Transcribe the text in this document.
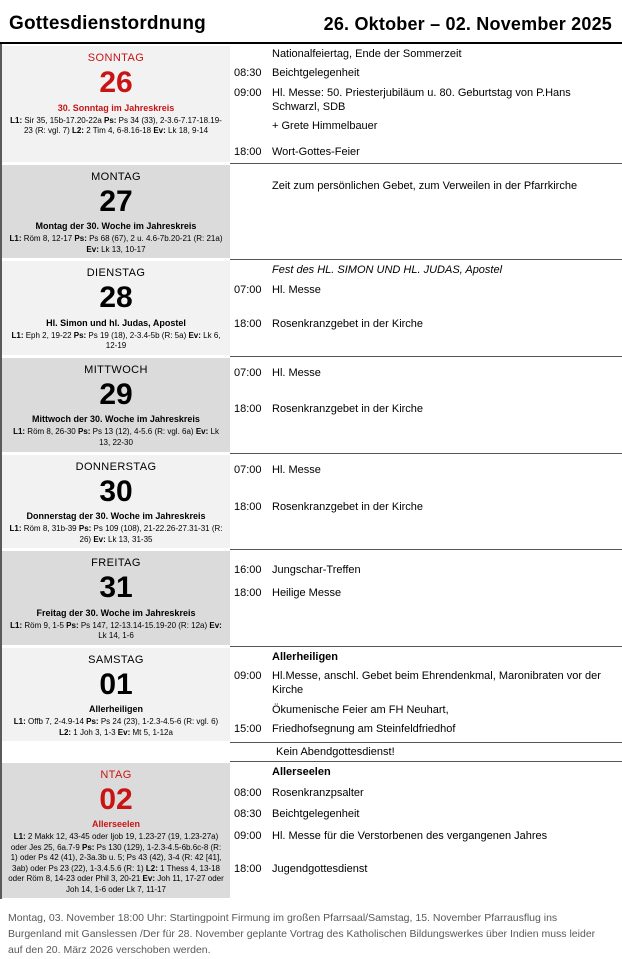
Gottesdienstordnung	26. Oktober – 02. November 2025
SONNTAG
26
30. Sonntag im Jahreskreis
L1: Sir 35, 15b-17.20-22a Ps: Ps 34 (33), 2-3.6-7.17-18.19-23 (R: vgl. 7) L2: 2 Tim 4, 6-8.16-18 Ev: Lk 18, 9-14
Nationalfeiertag, Ende der Sommerzeit
08:30 Beichtgelegenheit
09:00 Hl. Messe: 50. Priesterjubiläum u. 80. Geburtstag von P.Hans Schwarzl, SDB
+ Grete Himmelbauer
18:00 Wort-Gottes-Feier
MONTAG
27
Montag der 30. Woche im Jahreskreis
L1: Röm 8, 12-17 Ps: Ps 68 (67), 2 u. 4.6-7b.20-21 (R: 21a) Ev: Lk 13, 10-17
Zeit zum persönlichen Gebet, zum Verweilen in der Pfarrkirche
DIENSTAG
28
Hl. Simon und hl. Judas, Apostel
L1: Eph 2, 19-22 Ps: Ps 19 (18), 2-3.4-5b (R: 5a) Ev: Lk 6, 12-19
Fest des HL. SIMON UND HL. JUDAS, Apostel
07:00 Hl. Messe
18:00 Rosenkranzgebet in der Kirche
MITTWOCH
29
Mittwoch der 30. Woche im Jahreskreis
L1: Röm 8, 26-30 Ps: Ps 13 (12), 4-5.6 (R: vgl. 6a) Ev: Lk 13, 22-30
07:00 Hl. Messe
18:00 Rosenkranzgebet in der Kirche
DONNERSTAG
30
Donnerstag der 30. Woche im Jahreskreis
L1: Röm 8, 31b-39 Ps: Ps 109 (108), 21-22.26-27.31-31 (R: 26) Ev: Lk 13, 31-35
07:00 Hl. Messe
18:00 Rosenkranzgebet in der Kirche
FREITAG
31
Freitag der 30. Woche im Jahreskreis
L1: Röm 9, 1-5 Ps: Ps 147, 12-13.14-15.19-20 (R: 12a) Ev: Lk 14, 1-6
16:00 Jungschar-Treffen
18:00 Heilige Messe
SAMSTAG
01
Allerheiligen
L1: Offb 7, 2-4.9-14 Ps: Ps 24 (23), 1-2.3-4.5-6 (R: vgl. 6) L2: 1 Joh 3, 1-3 Ev: Mt 5, 1-12a
Allerheiligen
09:00 Hl.Messe, anschl. Gebet beim Ehrendenkmal, Maronibraten vor der Kirche
Ökumenische Feier am FH Neuhart,
15:00 Friedhofsegnung am Steinfeldfriedhof
Kein Abendgottesdienst!
NTAG
02
Allerseelen
L1: 2 Makk 12, 43-45 oder Ijob 19, 1.23-27 (19, 1.23-27a) oder Jes 25, 6a.7-9 Ps: Ps 130 (129), 1-2.3-4.5-6b.6c-8 (R: 1) oder Ps 42 (41), 2-3a.3b u. 5; Ps 43 (42), 3-4 (R: 42 [41], 3ab) oder Ps 23 (22), 1-3.4.5.6 (R: 1) L2: 1 Thess 4, 13-18 oder Röm 8, 14-23 oder Phil 3, 20-21 Ev: Joh 11, 17-27 oder Joh 14, 1-6 oder Lk 7, 11-17
Allerseelen
08:00 Rosenkranzpsalter
08:30 Beichtgelegenheit
09:00 Hl. Messe für die Verstorbenen des vergangenen Jahres
18:00 Jugendgottesdienst
Montag, 03. November 18:00 Uhr: Startingpoint Firmung im großen Pfarrsaal/Samstag, 15. November Pfarrausflug ins Burgenland mit Ganslessen /Der für 28. November geplante Vortrag des Katholischen Bildungswerkes über Indien muss leider auf den 20. März 2026 verschoben werden.
